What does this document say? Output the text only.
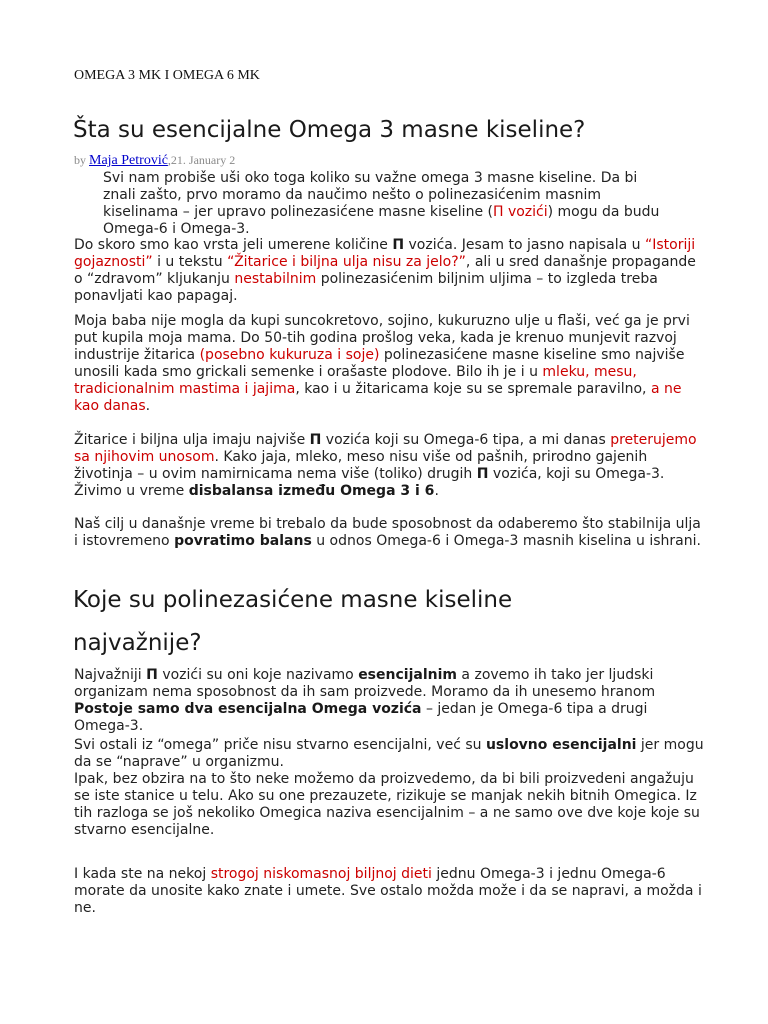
OMEGA 3 MK I OMEGA 6 MK
Šta su esencijalne Omega 3 masne kiseline?
by Maja Petrović,21. January 2

Svi nam probiše uši oko toga koliko su važne omega 3 masne kiseline. Da bi znali zašto, prvo moramo da naučimo nešto o polinezasićenim masnim kiselinama – jer upravo polinezasićene masne kiseline (Π vozići) mogu da budu Omega-6 i Omega-3.

Do skoro smo kao vrsta jeli umerene količine Π vozića. Jesam to jasno napisala u “Istoriji gojaznosti” i u tekstu “Žitarice i biljna ulja nisu za jelo?”, ali u sred današnje propagande o “zdravom” kljukanju nestabilnim polinezasićenim biljnim uljima – to izgleda treba ponavljati kao papagaj.

Moja baba nije mogla da kupi suncokretovo, sojino, kukuruzno ulje u flaši, već ga je prvi put kupila moja mama. Do 50-tih godina prošlog veka, kada je krenuo munjevit razvoj industrije žitarica (posebno kukuruza i soje) polinezasićene masne kiseline smo najviše unosili kada smo grickali semenke i orašaste plodove. Bilo ih je i u mleku, mesu, tradicionalnim mastima i jajima, kao i u žitaricama koje su se spremale paravilno, a ne kao danas.

Žitarice i biljna ulja imaju najviše Π vozića koji su Omega-6 tipa, a mi danas preterujemo sa njihovim unosom. Kako jaja, mleko, meso nisu više od pašnih, prirodno gajenih životinja – u ovim namirnicama nema više (toliko) drugih Π vozića, koji su Omega-3. Živimo u vreme disbalansa između Omega 3 i 6.

Naš cilj u današnje vreme bi trebalo da bude sposobnost da odaberemo što stabilnija ulja i istovremeno povratimo balans u odnos Omega-6 i Omega-3 masnih kiselina u ishrani.

Koje su polinezasićene masne kiseline
najvažnije?

Najvažniji Π vozići su oni koje nazivamo esencijalnim a zovemo ih tako jer ljudski organizam nema sposobnost da ih sam proizvede. Moramo da ih unesemo hranom Postoje samo dva esencijalna Omega vozića – jedan je Omega-6 tipa a drugi Omega-3.

Svi ostali iz “omega” priče nisu stvarno esencijalni, već su uslovno esencijalni jer mogu da se “naprave” u organizmu.

Ipak, bez obzira na to što neke možemo da proizvedemo, da bi bili proizvedeni angažuju se iste stanice u telu. Ako su one prezauzete, rizikuje se manjak nekih bitnih Omegica. Iz tih razloga se još nekoliko Omegica naziva esencijalnim – a ne samo ove dve koje koje su stvarno esencijalne.

I kada ste na nekoj strogoj niskomasnoj biljnoj dieti jednu Omega-3 i jednu Omega-6 morate da unosite kako znate i umete. Sve ostalo možda može i da se napravi, a možda i ne.
